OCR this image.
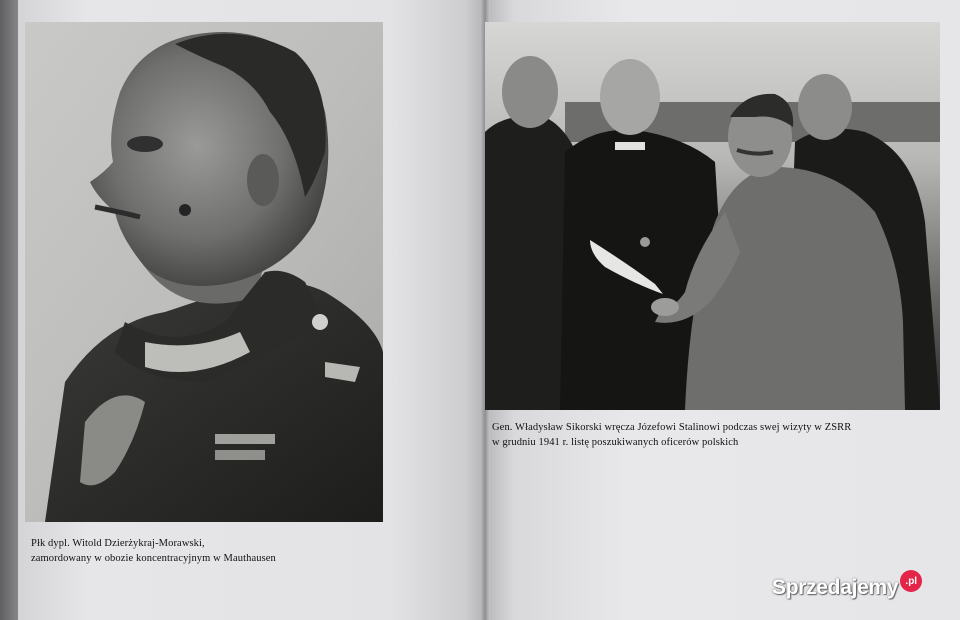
Płk dypl. Witold Dzierżykraj-Morawski,
zamordowany w obozie koncentracyjnym w Mauthausen
Gen. Władysław Sikorski wręcza Józefowi Stalinowi podczas swej wizyty w ZSRR
w grudniu 1941 r. listę poszukiwanych oficerów polskich
Sprzedajemy .pl
